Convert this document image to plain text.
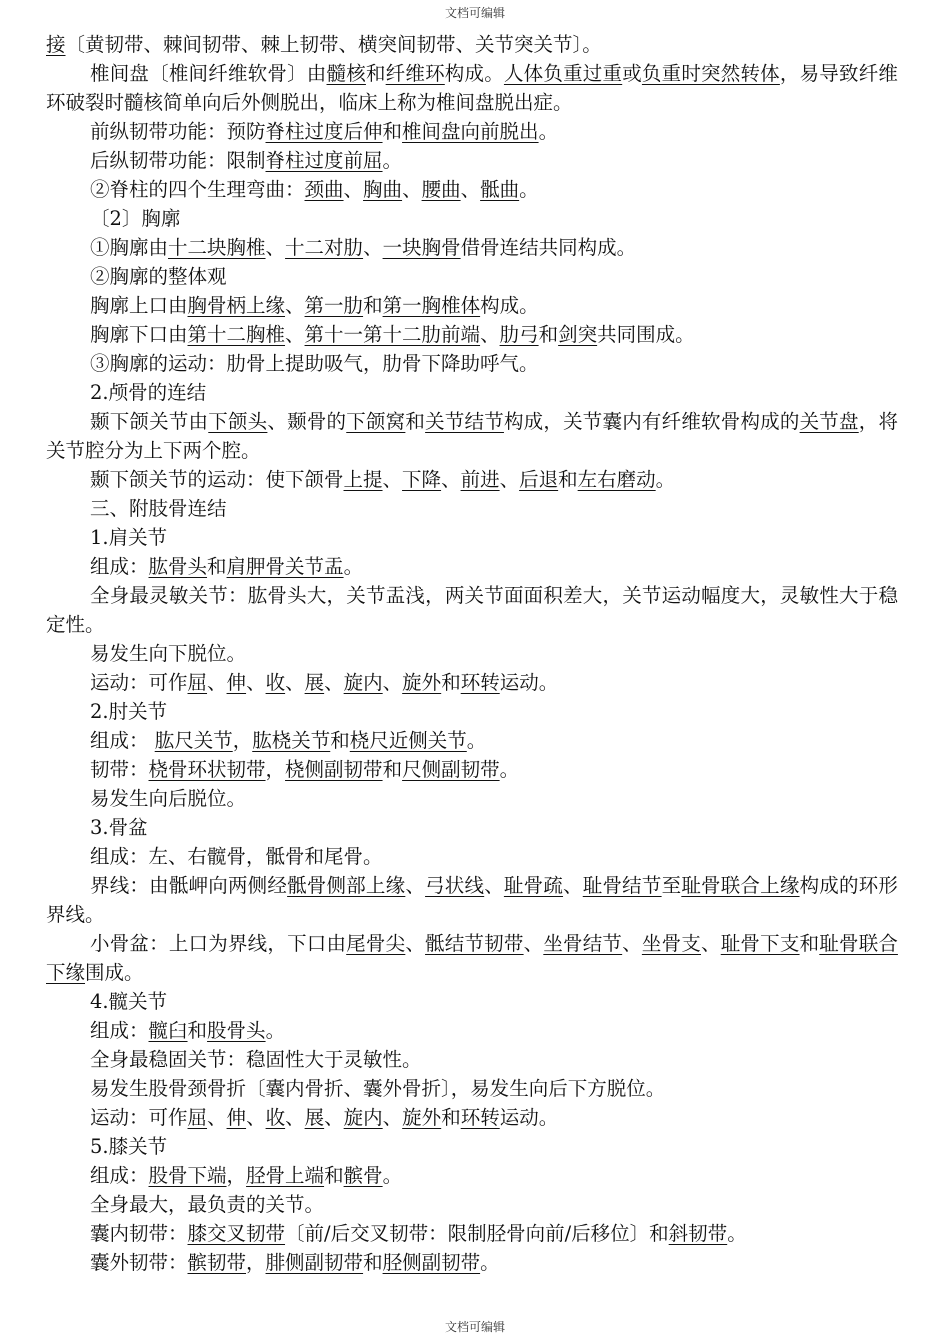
文档可编辑

接〔黄韧带、棘间韧带、棘上韧带、横突间韧带、关节突关节〕。

椎间盘〔椎间纤维软骨〕由髓核和纤维环构成。人体负重过重或负重时突然转体，易导致纤维环破裂时髓核简单向后外侧脱出，临床上称为椎间盘脱出症。

前纵韧带功能：预防脊柱过度后伸和椎间盘向前脱出。

后纵韧带功能：限制脊柱过度前屈。

②脊柱的四个生理弯曲：颈曲、胸曲、腰曲、骶曲。

〔2〕胸廓

①胸廓由十二块胸椎、十二对肋、一块胸骨借骨连结共同构成。

②胸廓的整体观

胸廓上口由胸骨柄上缘、第一肋和第一胸椎体构成。

胸廓下口由第十二胸椎、第十一第十二肋前端、肋弓和剑突共同围成。

③胸廓的运动：肋骨上提助吸气，肋骨下降助呼气。

2.颅骨的连结

颞下颌关节由下颌头、颞骨的下颌窝和关节结节构成，关节囊内有纤维软骨构成的关节盘，将关节腔分为上下两个腔。

颞下颌关节的运动：使下颌骨上提、下降、前进、后退和左右磨动。

三、附肢骨连结

1.肩关节

组成：肱骨头和肩胛骨关节盂。

全身最灵敏关节：肱骨头大，关节盂浅，两关节面面积差大，关节运动幅度大，灵敏性大于稳定性。

易发生向下脱位。

运动：可作屈、伸、收、展、旋内、旋外和环转运动。

2.肘关节

组成： 肱尺关节，肱桡关节和桡尺近侧关节。

韧带：桡骨环状韧带，桡侧副韧带和尺侧副韧带。

易发生向后脱位。

3.骨盆

组成：左、右髋骨，骶骨和尾骨。

界线：由骶岬向两侧经骶骨侧部上缘、弓状线、耻骨疏、耻骨结节至耻骨联合上缘构成的环形界线。

小骨盆：上口为界线，下口由尾骨尖、骶结节韧带、坐骨结节、坐骨支、耻骨下支和耻骨联合下缘围成。

4.髋关节

组成：髋臼和股骨头。

全身最稳固关节：稳固性大于灵敏性。

易发生股骨颈骨折〔囊内骨折、囊外骨折〕，易发生向后下方脱位。

运动：可作屈、伸、收、展、旋内、旋外和环转运动。

5.膝关节

组成：股骨下端，胫骨上端和髌骨。

全身最大，最负责的关节。

囊内韧带：膝交叉韧带〔前/后交叉韧带：限制胫骨向前/后移位〕和斜韧带。

囊外韧带：髌韧带，腓侧副韧带和胫侧副韧带。

文档可编辑
